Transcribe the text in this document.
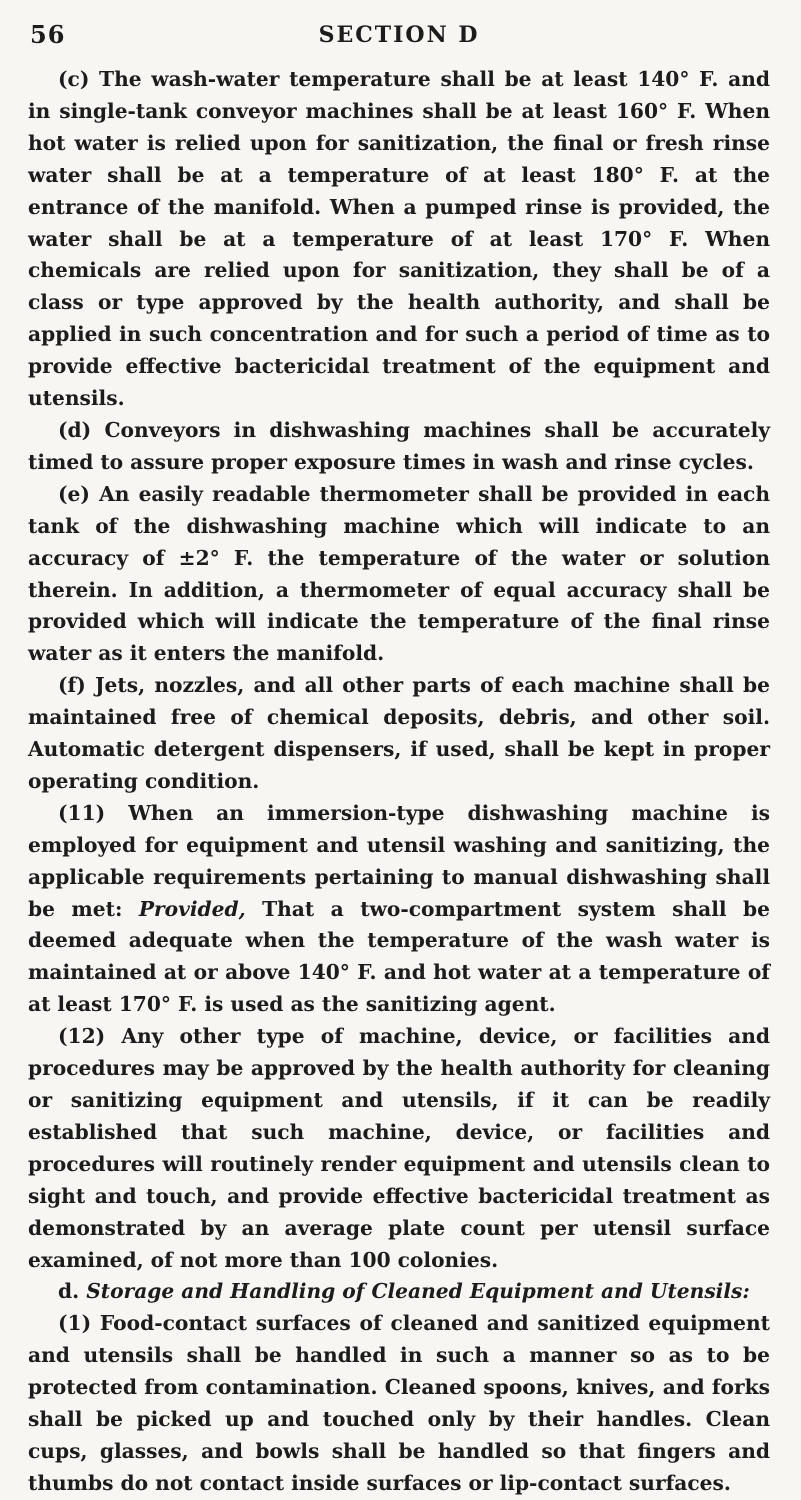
56	SECTION D

(c) The wash-water temperature shall be at least 140° F. and in single-tank conveyor machines shall be at least 160° F. When hot water is relied upon for sanitization, the final or fresh rinse water shall be at a temperature of at least 180° F. at the entrance of the manifold. When a pumped rinse is provided, the water shall be at a temperature of at least 170° F. When chemicals are relied upon for sanitization, they shall be of a class or type approved by the health authority, and shall be applied in such concentration and for such a period of time as to provide effective bactericidal treatment of the equipment and utensils.

(d) Conveyors in dishwashing machines shall be accurately timed to assure proper exposure times in wash and rinse cycles.

(e) An easily readable thermometer shall be provided in each tank of the dishwashing machine which will indicate to an accuracy of ±2° F. the temperature of the water or solution therein. In addition, a thermometer of equal accuracy shall be provided which will indicate the temperature of the final rinse water as it enters the manifold.

(f) Jets, nozzles, and all other parts of each machine shall be maintained free of chemical deposits, debris, and other soil. Automatic detergent dispensers, if used, shall be kept in proper operating condition.

(11) When an immersion-type dishwashing machine is employed for equipment and utensil washing and sanitizing, the applicable requirements pertaining to manual dishwashing shall be met: Provided, That a two-compartment system shall be deemed adequate when the temperature of the wash water is maintained at or above 140° F. and hot water at a temperature of at least 170° F. is used as the sanitizing agent.

(12) Any other type of machine, device, or facilities and procedures may be approved by the health authority for cleaning or sanitizing equipment and utensils, if it can be readily established that such machine, device, or facilities and procedures will routinely render equipment and utensils clean to sight and touch, and provide effective bactericidal treatment as demonstrated by an average plate count per utensil surface examined, of not more than 100 colonies.

d. Storage and Handling of Cleaned Equipment and Utensils:

(1) Food-contact surfaces of cleaned and sanitized equipment and utensils shall be handled in such a manner so as to be protected from contamination. Cleaned spoons, knives, and forks shall be picked up and touched only by their handles. Clean cups, glasses, and bowls shall be handled so that fingers and thumbs do not contact inside surfaces or lip-contact surfaces.
